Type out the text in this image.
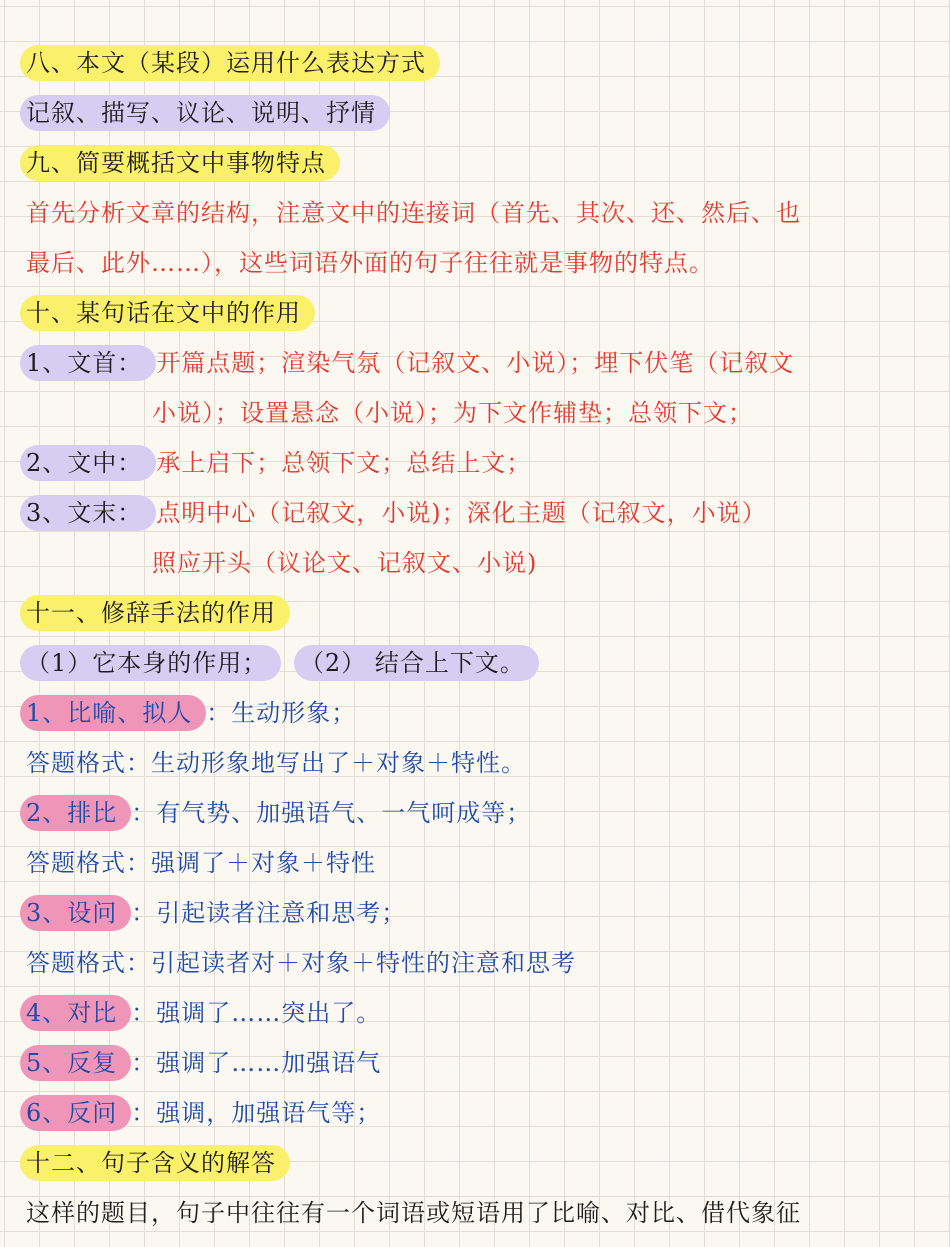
八、本文（某段）运用什么表达方式
记叙、描写、议论、说明、抒情
九、简要概括文中事物特点
首先分析文章的结构，注意文中的连接词（首先、其次、还、然后、也
最后、此外……），这些词语外面的句子往往就是事物的特点。
十、某句话在文中的作用
1、文首： 开篇点题；渲染气氛（记叙文、小说）；埋下伏笔（记叙文
小说）；设置悬念（小说）；为下文作辅垫；总领下文；
2、文中： 承上启下；总领下文；总结上文；
3、文末： 点明中心（记叙文，小说)；深化主题（记叙文，小说）
照应开头（议论文、记叙文、小说)
十一、修辞手法的作用
（1）它本身的作用； （2） 结合上下文。
1、比喻、拟人 ：生动形象；
答题格式：生动形象地写出了＋对象＋特性。
2、排比 ：有气势、加强语气、一气呵成等；
答题格式：强调了＋对象＋特性
3、设问 ：引起读者注意和思考；
答题格式：引起读者对＋对象＋特性的注意和思考
4、对比 ：强调了……突出了。
5、反复 ：强调了……加强语气
6、反问 ：强调，加强语气等；
十二、句子含义的解答
这样的题目，句子中往往有一个词语或短语用了比喻、对比、借代象征
